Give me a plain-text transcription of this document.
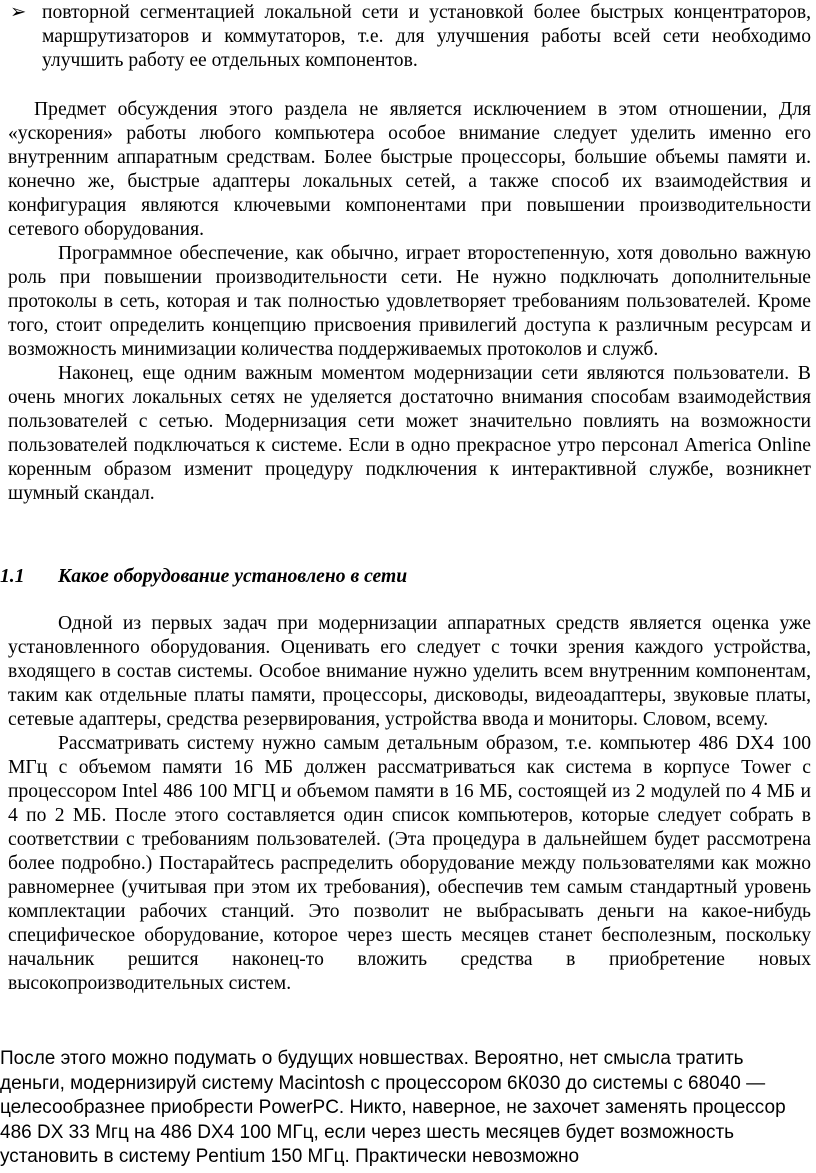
➢ повторной сегментацией локальной сети и установкой более быстрых концентраторов, маршрутизаторов и коммутаторов, т.е. для улучшения работы всей сети необходимо улучшить работу ее отдельных компонентов.

Предмет обсуждения этого раздела не является исключением в этом отношении, Для «ускорения» работы любого компьютера особое внимание следует уделить именно его внутренним аппаратным средствам. Более быстрые процессоры, большие объемы памяти и. конечно же, быстрые адаптеры локальных сетей, а также способ их взаимодействия и конфигурация являются ключевыми компонентами при повышении производительности сетевого оборудования.

Программное обеспечение, как обычно, играет второстепенную, хотя довольно важную роль при повышении производительности сети. Не нужно подключать дополнительные протоколы в сеть, которая и так полностью удовлетворяет требованиям пользователей. Кроме того, стоит определить концепцию присвоения привилегий доступа к различным ресурсам и возможность минимизации количества поддерживаемых протоколов и служб.

Наконец, еще одним важным моментом модернизации сети являются пользователи. В очень многих локальных сетях не уделяется достаточно внимания способам взаимодействия пользователей с сетью. Модернизация сети может значительно повлиять на возможности пользователей подключаться к системе. Если в одно прекрасное утро персонал America Online коренным образом изменит процедуру подключения к интерактивной службе, возникнет шумный скандал.

1.1 Какое оборудование установлено в сети

Одной из первых задач при модернизации аппаратных средств является оценка уже установленного оборудования. Оценивать его следует с точки зрения каждого устройства, входящего в состав системы. Особое внимание нужно уделить всем внутренним компонентам, таким как отдельные платы памяти, процессоры, дисководы, видеоадаптеры, звуковые платы, сетевые адаптеры, средства резервирования, устройства ввода и мониторы. Словом, всему.

Рассматривать систему нужно самым детальным образом, т.е. компьютер 486 DX4 100 МГц с объемом памяти 16 МБ должен рассматриваться как система в корпусе Tower с процессором Intel 486 100 МГЦ и объемом памяти в 16 МБ, состоящей из 2 модулей по 4 МБ и 4 по 2 МБ. После этого составляется один список компьютеров, которые следует собрать в соответствии с требованиям пользователей. (Эта процедура в дальнейшем будет рассмотрена более подробно.) Постарайтесь распределить оборудование между пользователями как можно равномернее (учитывая при этом их требования), обеспечив тем самым стандартный уровень комплектации рабочих станций. Это позволит не выбрасывать деньги на какое-нибудь специфическое оборудование, которое через шесть месяцев станет бесполезным, поскольку начальник решится наконец-то вложить средства в приобретение новых высокопроизводительных систем.

После этого можно подумать о будущих новшествах. Вероятно, нет смысла тратить деньги, модернизируй систему Macintosh с процессором 6К030 до системы с 68040 — целесообразнее приобрести PowerPC. Никто, наверное, не захочет заменять процессор 486 DX 33 Мгц на 486 DX4 100 МГц, если через шесть месяцев будет возможность установить в систему Pentium 150 МГц. Практически невозможно
